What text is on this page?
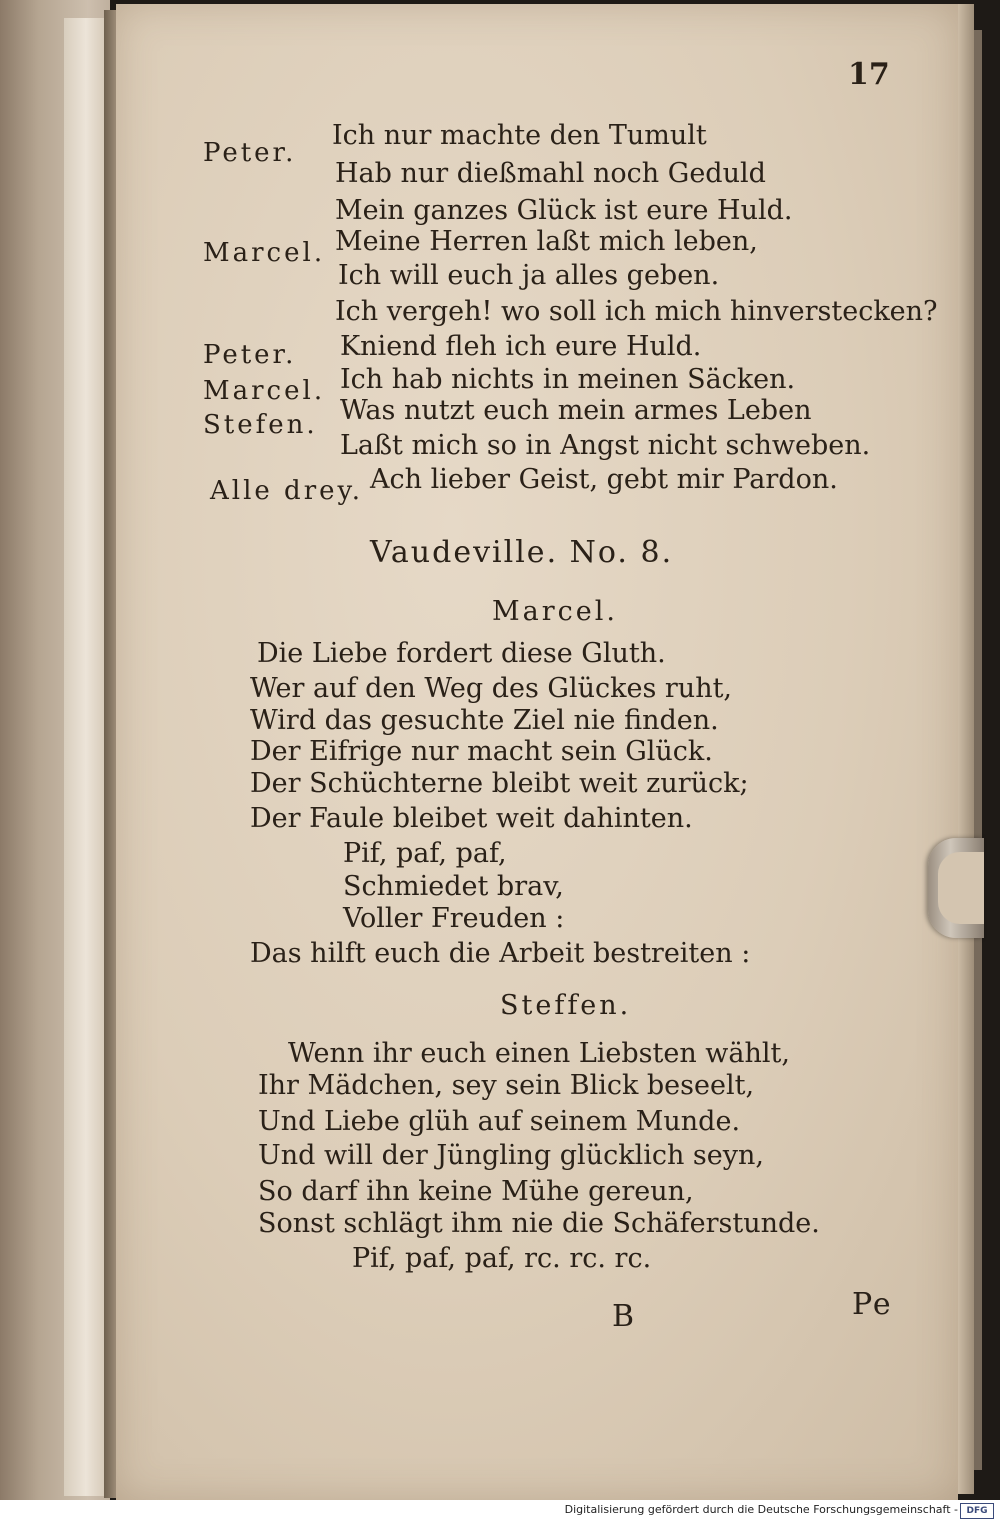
17
Peter.
Ich nur machte den Tumult
Hab nur dießmahl noch Geduld
Mein ganzes Glück ist eure Huld.
Marcel. Meine Herren laßt mich leben,
Ich will euch ja alles geben.
Ich vergeh! wo soll ich mich hinverstecken?
Peter. Kniend fleh ich eure Huld.
Marcel. Ich hab nichts in meinen Säcken.
Stefen. Was nutzt euch mein armes Leben
Laßt mich so in Angst nicht schweben.
Alle drey. Ach lieber Geist, gebt mir Pardon.
Vaudeville. No. 8.
Marcel.
Die Liebe fordert diese Gluth.
Wer auf den Weg des Glückes ruht,
Wird das gesuchte Ziel nie finden.
Der Eifrige nur macht sein Glück.
Der Schüchterne bleibt weit zurück;
Der Faule bleibet weit dahinten.
Pif, paf, paf,
Schmiedet brav,
Voller Freuden :
Das hilft euch die Arbeit bestreiten :
Steffen.
Wenn ihr euch einen Liebsten wählt,
Ihr Mädchen, sey sein Blick beseelt,
Und Liebe glüh auf seinem Munde.
Und will der Jüngling glücklich seyn,
So darf ihn keine Mühe gereun,
Sonst schlägt ihm nie die Schäferstunde.
Pif, paf, paf, rc. rc. rc.
B	Pe
Digitalisierung gefördert durch die Deutsche Forschungsgemeinschaft - DFG
